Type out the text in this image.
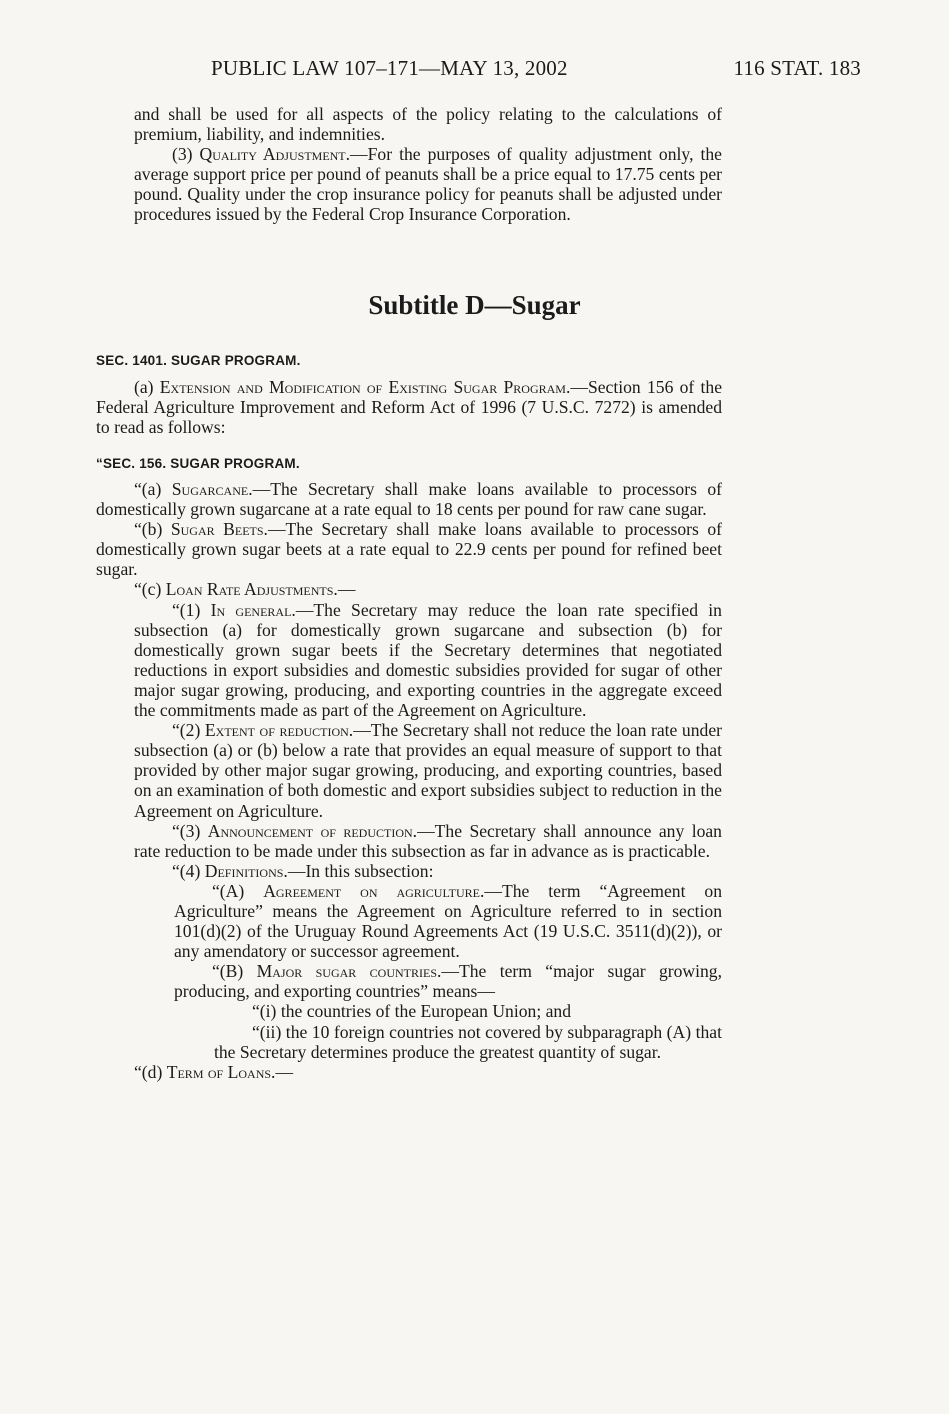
PUBLIC LAW 107–171—MAY 13, 2002	116 STAT. 183

and shall be used for all aspects of the policy relating to the calculations of premium, liability, and indemnities.

(3) Quality Adjustment.—For the purposes of quality adjustment only, the average support price per pound of peanuts shall be a price equal to 17.75 cents per pound. Quality under the crop insurance policy for peanuts shall be adjusted under procedures issued by the Federal Crop Insurance Corporation.

Subtitle D—Sugar
SEC. 1401. SUGAR PROGRAM.

(a) Extension and Modification of Existing Sugar Program.—Section 156 of the Federal Agriculture Improvement and Reform Act of 1996 (7 U.S.C. 7272) is amended to read as follows:

“SEC. 156. SUGAR PROGRAM.

“(a) Sugarcane.—The Secretary shall make loans available to processors of domestically grown sugarcane at a rate equal to 18 cents per pound for raw cane sugar.

“(b) Sugar Beets.—The Secretary shall make loans available to processors of domestically grown sugar beets at a rate equal to 22.9 cents per pound for refined beet sugar.

“(c) Loan Rate Adjustments.—

“(1) In general.—The Secretary may reduce the loan rate specified in subsection (a) for domestically grown sugarcane and subsection (b) for domestically grown sugar beets if the Secretary determines that negotiated reductions in export subsidies and domestic subsidies provided for sugar of other major sugar growing, producing, and exporting countries in the aggregate exceed the commitments made as part of the Agreement on Agriculture.

“(2) Extent of reduction.—The Secretary shall not reduce the loan rate under subsection (a) or (b) below a rate that provides an equal measure of support to that provided by other major sugar growing, producing, and exporting countries, based on an examination of both domestic and export subsidies subject to reduction in the Agreement on Agriculture.

“(3) Announcement of reduction.—The Secretary shall announce any loan rate reduction to be made under this subsection as far in advance as is practicable.

“(4) Definitions.—In this subsection:

“(A) Agreement on agriculture.—The term “Agreement on Agriculture” means the Agreement on Agriculture referred to in section 101(d)(2) of the Uruguay Round Agreements Act (19 U.S.C. 3511(d)(2)), or any amendatory or successor agreement.

“(B) Major sugar countries.—The term “major sugar growing, producing, and exporting countries” means—

“(i) the countries of the European Union; and

“(ii) the 10 foreign countries not covered by subparagraph (A) that the Secretary determines produce the greatest quantity of sugar.

“(d) Term of Loans.—
